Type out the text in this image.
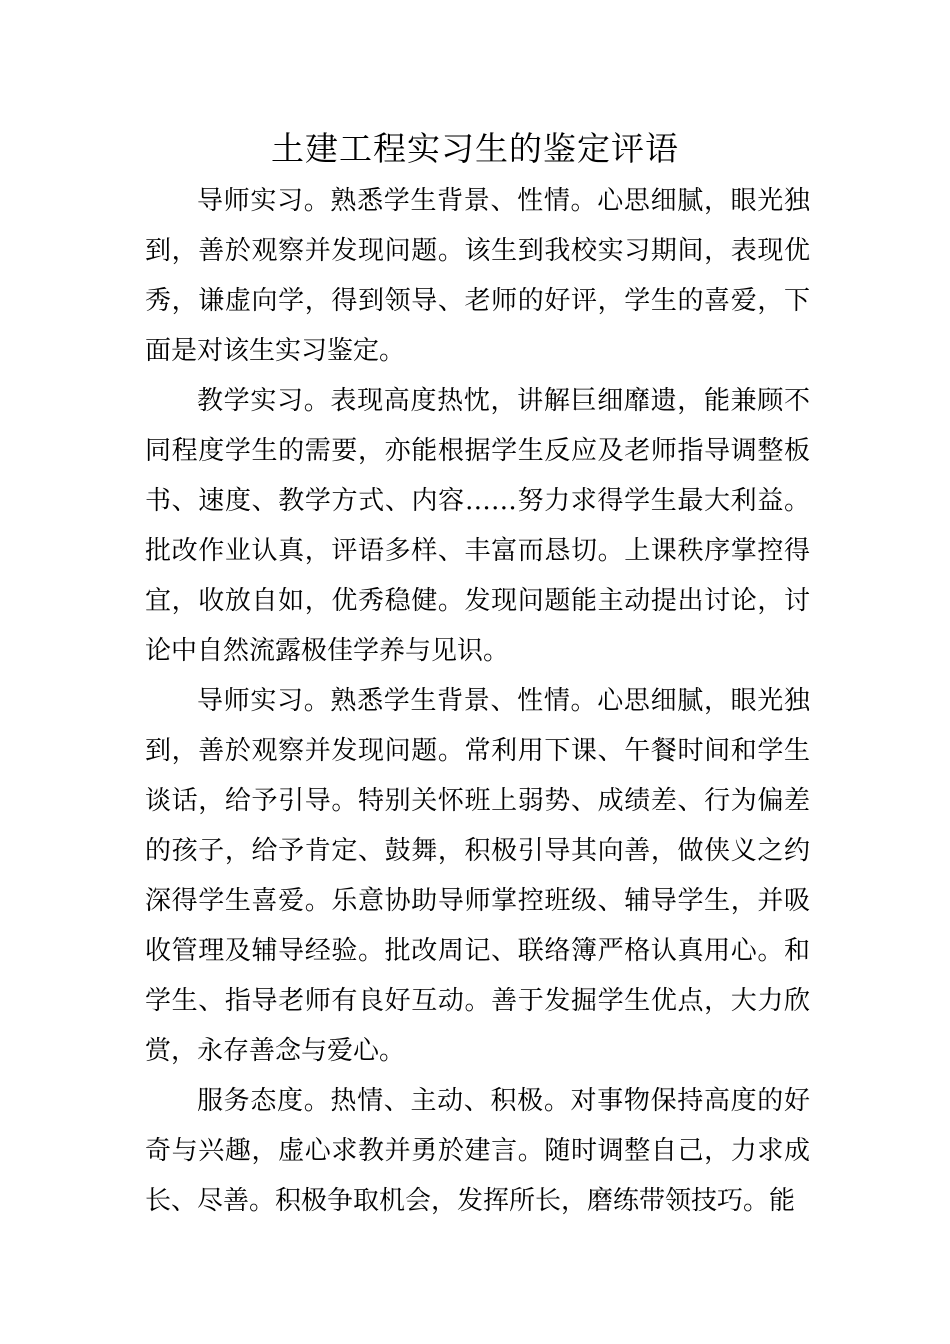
土建工程实习生的鉴定评语

导师实习。熟悉学生背景、性情。心思细腻，眼光独到，善於观察并发现问题。该生到我校实习期间，表现优秀，谦虚向学，得到领导、老师的好评，学生的喜爱，下面是对该生实习鉴定。

教学实习。表现高度热忱，讲解巨细靡遗，能兼顾不同程度学生的需要，亦能根据学生反应及老师指导调整板书、速度、教学方式、内容……努力求得学生最大利益。批改作业认真，评语多样、丰富而恳切。上课秩序掌控得宜，收放自如，优秀稳健。发现问题能主动提出讨论，讨论中自然流露极佳学养与见识。

导师实习。熟悉学生背景、性情。心思细腻，眼光独到，善於观察并发现问题。常利用下课、午餐时间和学生谈话，给予引导。特别关怀班上弱势、成绩差、行为偏差的孩子，给予肯定、鼓舞，积极引导其向善，做侠义之约深得学生喜爱。乐意协助导师掌控班级、辅导学生，并吸收管理及辅导经验。批改周记、联络簿严格认真用心。和学生、指导老师有良好互动。善于发掘学生优点，大力欣赏，永存善念与爱心。

服务态度。热情、主动、积极。对事物保持高度的好奇与兴趣，虚心求教并勇於建言。随时调整自己，力求成长、尽善。积极争取机会，发挥所长，磨练带领技巧。能
